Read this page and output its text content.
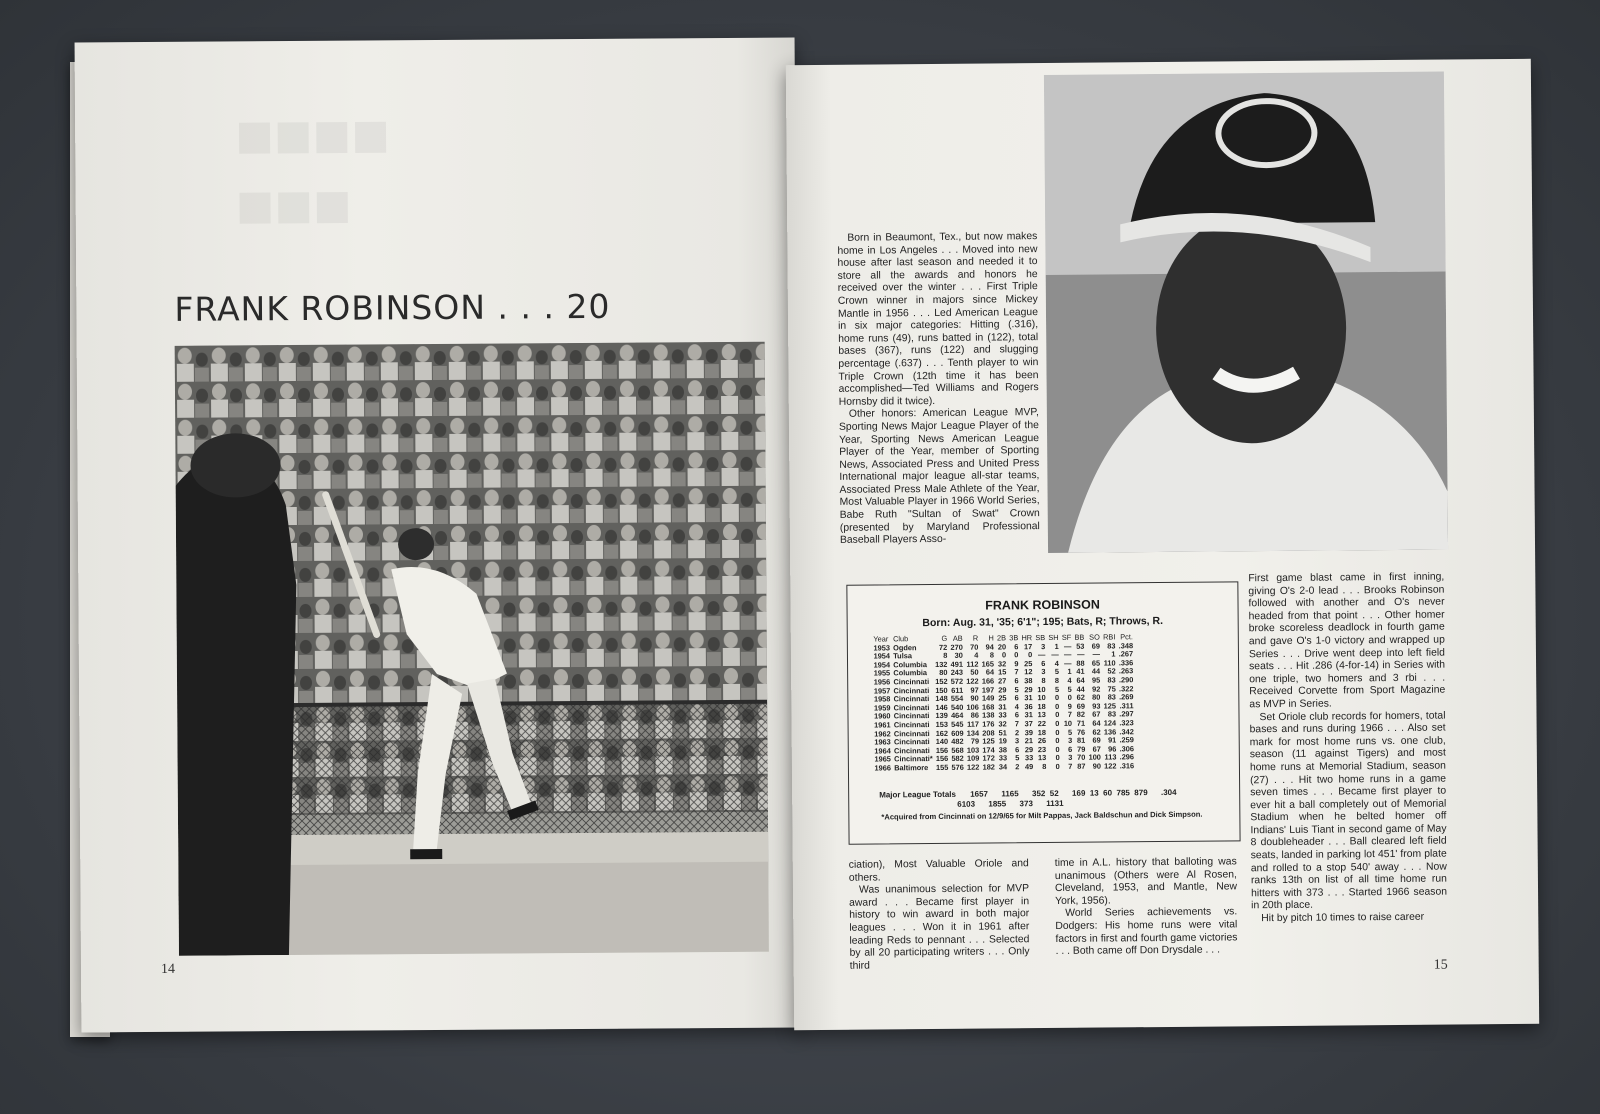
■■■■
■■■
FRANK ROBINSON . . . 20
14

Born in Beaumont, Tex., but now makes home in Los Angeles . . . Moved into new house after last season and needed it to store all the awards and honors he received over the winter . . . First Triple Crown winner in majors since Mickey Mantle in 1956 . . . Led American League in six major categories: Hitting (.316), home runs (49), runs batted in (122), total bases (367), runs (122) and slugging percentage (.637) . . . Tenth player to win Triple Crown (12th time it has been accomplished—Ted Williams and Rogers Hornsby did it twice).

Other honors: American League MVP, Sporting News Major League Player of the Year, Sporting News American League Player of the Year, member of Sporting News, Associated Press and United Press International major league all-star teams, Associated Press Male Athlete of the Year, Most Valuable Player in 1966 World Series, Babe Ruth "Sultan of Swat" Crown (presented by Maryland Professional Baseball Players Asso-

FRANK ROBINSON
Born: Aug. 31, '35; 6'1"; 195; Bats, R; Throws, R.
Year	Club	G	AB	R	H	2B	3B	HR	SB	SH	SF	BB	SO	RBI	Pct.
1953	Ogden	72	270	70	94	20	6	17	3	1	—	53	69	83	.348
1954	Tulsa	8	30	4	8	0	0	0	—	—	—	—	—	1	.267
1954	Columbia	132	491	112	165	32	9	25	6	4	—	88	65	110	.336
1955	Columbia	80	243	50	64	15	7	12	3	5	1	41	44	52	.263
1956	Cincinnati	152	572	122	166	27	6	38	8	8	4	64	95	83	.290
1957	Cincinnati	150	611	97	197	29	5	29	10	5	5	44	92	75	.322
1958	Cincinnati	148	554	90	149	25	6	31	10	0	0	62	80	83	.269
1959	Cincinnati	146	540	106	168	31	4	36	18	0	9	69	93	125	.311
1960	Cincinnati	139	464	86	138	33	6	31	13	0	7	82	67	83	.297
1961	Cincinnati	153	545	117	176	32	7	37	22	0	10	71	64	124	.323
1962	Cincinnati	162	609	134	208	51	2	39	18	0	5	76	62	136	.342
1963	Cincinnati	140	482	79	125	19	3	21	26	0	3	81	69	91	.259
1964	Cincinnati	156	568	103	174	38	6	29	23	0	6	79	67	96	.306
1965	Cincinnati*	156	582	109	172	33	5	33	13	0	3	70	100	113	.296
1966	Baltimore	155	576	122	182	34	2	49	8	0	7	87	90	122	.316
Major League Totals 1657      1165      352  52      169  13  60  785  879      .304
6103      1855      373      1131
*Acquired from Cincinnati on 12/9/65 for Milt Pappas, Jack Baldschun and Dick Simpson.

ciation), Most Valuable Oriole and others.

Was unanimous selection for MVP award . . . Became first player in history to win award in both major leagues . . . Won it in 1961 after leading Reds to pennant . . . Selected by all 20 participating writers . . . Only third

time in A.L. history that balloting was unanimous (Others were Al Rosen, Cleveland, 1953, and Mantle, New York, 1956).

World Series achievements vs. Dodgers: His home runs were vital factors in first and fourth game victories . . . Both came off Don Drysdale . . .

First game blast came in first inning, giving O's 2-0 lead . . . Brooks Robinson followed with another and O's never headed from that point . . . Other homer broke scoreless deadlock in fourth game and gave O's 1-0 victory and wrapped up Series . . . Drive went deep into left field seats . . . Hit .286 (4-for-14) in Series with one triple, two homers and 3 rbi . . . Received Corvette from Sport Magazine as MVP in Series.

Set Oriole club records for homers, total bases and runs during 1966 . . . Also set mark for most home runs vs. one club, season (11 against Tigers) and most home runs at Memorial Stadium, season (27) . . . Hit two home runs in a game seven times . . . Became first player to ever hit a ball completely out of Memorial Stadium when he belted homer off Indians' Luis Tiant in second game of May 8 doubleheader . . . Ball cleared left field seats, landed in parking lot 451' from plate and rolled to a stop 540' away . . . Now ranks 13th on list of all time home run hitters with 373 . . . Started 1966 season in 20th place.

Hit by pitch 10 times to raise career

15
